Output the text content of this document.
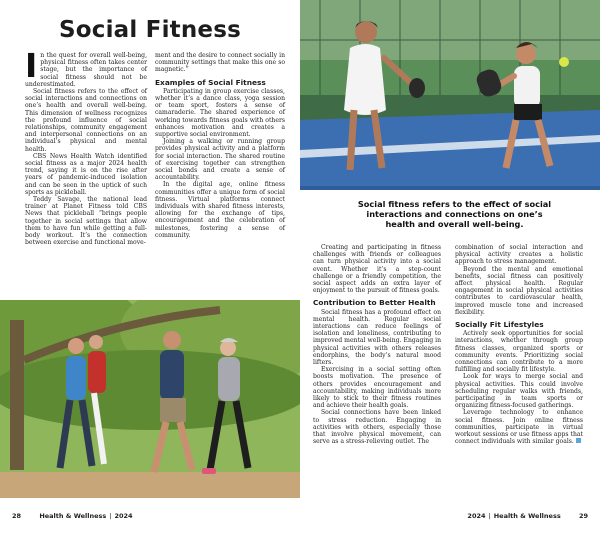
Social Fitness

In the quest for overall well-being, physical fitness often takes center stage, but the importance of social fitness should not be underestimated.

Social fitness refers to the effect of social interactions and connections on one’s health and overall well-being. This dimension of wellness recognizes the profound influence of social relationships, community engagement and interpersonal connections on an individual’s physical and mental health.

CBS News Health Watch identified social fitness as a major 2024 health trend, saying it is on the rise after years of pandemic-induced isolation and can be seen in the uptick of such sports as pickleball.

Teddy Savage, the national lead trainer at Planet Fitness told CBS News that pickleball “brings people together in social settings that allow them to have fun while getting a full-body workout. It’s the connection between exercise and functional move-

ment and the desire to connect socially in community settings that make this one so magnetic.”

Examples of Social Fitness

Participating in group exercise classes, whether it’s a dance class, yoga session or team sport, fosters a sense of camaraderie. The shared experience of working towards fitness goals with others enhances motivation and creates a supportive social environment.

Joining a walking or running group provides physical activity and a platform for social interaction. The shared routine of exercising together can strengthen social bonds and create a sense of accountability.

In the digital age, online fitness communities offer a unique form of social fitness. Virtual platforms connect individuals with shared fitness interests, allowing for the exchange of tips, encouragement and the celebration of milestones, fostering a sense of community.

Social fitness refers to the effect of social interactions and connections on one’s health and overall well-being.

Creating and participating in fitness challenges with friends or colleagues can turn physical activity into a social event. Whether it’s a step-count challenge or a friendly competition, the social aspect adds an extra layer of enjoyment to the pursuit of fitness goals.

Contribution to Better Health

Social fitness has a profound effect on mental health. Regular social interactions can reduce feelings of isolation and loneliness, contributing to improved mental well-being. Engaging in physical activities with others releases endorphins, the body’s natural mood lifters.

Exercising in a social setting often boosts motivation. The presence of others provides encouragement and accountability, making individuals more likely to stick to their fitness routines and achieve their health goals.

Social connections have been linked to stress reduction. Engaging in activities with others, especially those that involve physical movement, can serve as a stress-relieving outlet. The

combination of social interaction and physical activity creates a holistic approach to stress management.

Beyond the mental and emotional benefits, social fitness can positively affect physical health. Regular engagement in social physical activities contributes to cardiovascular health, improved muscle tone and increased flexibility.

Socially Fit Lifestyles

Actively seek opportunities for social interactions, whether through group fitness classes, organized sports or community events. Prioritizing social connections can contribute to a more fulfilling and socially fit lifestyle.

Look for ways to merge social and physical activities. This could involve scheduling regular walks with friends, participating in team sports or organizing fitness-focused gatherings.

Leverage technology to enhance social fitness. Join online fitness communities, participate in virtual workout sessions or use fitness apps that connect individuals with similar goals.

28	Health & Wellness | 2024	2024 | Health & Wellness	29
